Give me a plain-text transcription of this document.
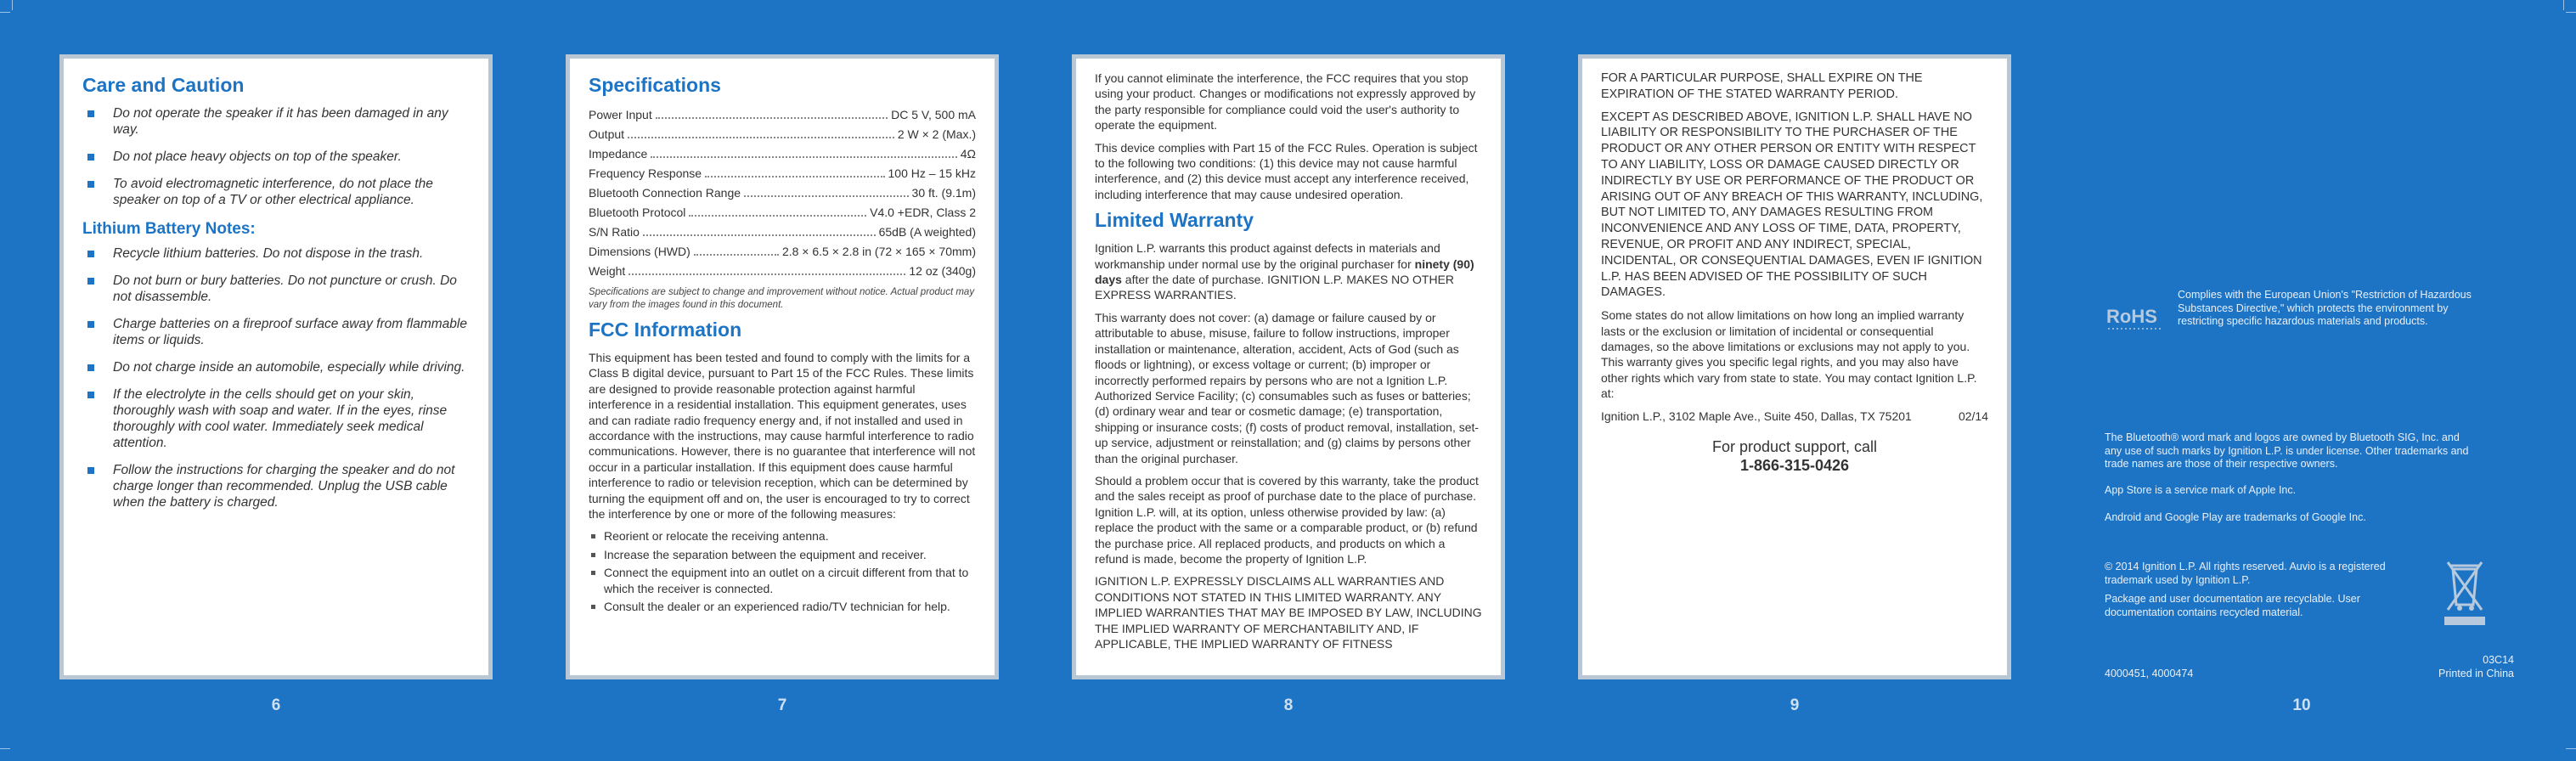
Care and Caution
Do not operate the speaker if it has been damaged in any way.
Do not place heavy objects on top of the speaker.
To avoid electromagnetic interference, do not place the speaker on top of a TV or other electrical appliance.
Lithium Battery Notes:
Recycle lithium batteries. Do not dispose in the trash.
Do not burn or bury batteries. Do not puncture or crush. Do not disassemble.
Charge batteries on a fireproof surface away from flammable items or liquids.
Do not charge inside an automobile, especially while driving.
If the electrolyte in the cells should get on your skin, thoroughly wash with soap and water. If in the eyes, rinse thoroughly with cool water. Immediately seek medical attention.
Follow the instructions for charging the speaker and do not charge longer than recommended. Unplug the USB cable when the battery is charged.
Specifications
Power Input	DC 5 V, 500 mA
Output	2 W × 2 (Max.)
Impedance	4Ω
Frequency Response	100 Hz – 15 kHz
Bluetooth Connection Range	30 ft. (9.1m)
Bluetooth Protocol	V4.0 +EDR, Class 2
S/N Ratio	65dB (A weighted)
Dimensions (HWD)	2.8 × 6.5 × 2.8 in (72 × 165 × 70mm)
Weight	12 oz (340g)

Specifications are subject to change and improvement without notice. Actual product may vary from the images found in this document.

FCC Information

This equipment has been tested and found to comply with the limits for a Class B digital device, pursuant to Part 15 of the FCC Rules. These limits are designed to provide reasonable protection against harmful interference in a residential installation. This equipment generates, uses and can radiate radio frequency energy and, if not installed and used in accordance with the instructions, may cause harmful interference to radio communications. However, there is no guarantee that interference will not occur in a particular installation. If this equipment does cause harmful interference to radio or television reception, which can be determined by turning the equipment off and on, the user is encouraged to try to correct the interference by one or more of the following measures:

Reorient or relocate the receiving antenna.
Increase the separation between the equipment and receiver.
Connect the equipment into an outlet on a circuit different from that to which the receiver is connected.
Consult the dealer or an experienced radio/TV technician for help.

If you cannot eliminate the interference, the FCC requires that you stop using your product. Changes or modifications not expressly approved by the party responsible for compliance could void the user's authority to operate the equipment.

This device complies with Part 15 of the FCC Rules. Operation is subject to the following two conditions: (1) this device may not cause harmful interference, and (2) this device must accept any interference received, including interference that may cause undesired operation.

Limited Warranty

Ignition L.P. warrants this product against defects in materials and workmanship under normal use by the original purchaser for ninety (90) days after the date of purchase. IGNITION L.P. MAKES NO OTHER EXPRESS WARRANTIES.

This warranty does not cover: (a) damage or failure caused by or attributable to abuse, misuse, failure to follow instructions, improper installation or maintenance, alteration, accident, Acts of God (such as floods or lightning), or excess voltage or current; (b) improper or incorrectly performed repairs by persons who are not a Ignition L.P. Authorized Service Facility; (c) consumables such as fuses or batteries; (d) ordinary wear and tear or cosmetic damage; (e) transportation, shipping or insurance costs; (f) costs of product removal, installation, set-up service, adjustment or reinstallation; and (g) claims by persons other than the original purchaser.

Should a problem occur that is covered by this warranty, take the product and the sales receipt as proof of purchase date to the place of purchase. Ignition L.P. will, at its option, unless otherwise provided by law: (a) replace the product with the same or a comparable product, or (b) refund the purchase price. All replaced products, and products on which a refund is made, become the property of Ignition L.P.

IGNITION L.P. EXPRESSLY DISCLAIMS ALL WARRANTIES AND CONDITIONS NOT STATED IN THIS LIMITED WARRANTY. ANY IMPLIED WARRANTIES THAT MAY BE IMPOSED BY LAW, INCLUDING THE IMPLIED WARRANTY OF MERCHANTABILITY AND, IF APPLICABLE, THE IMPLIED WARRANTY OF FITNESS

FOR A PARTICULAR PURPOSE, SHALL EXPIRE ON THE EXPIRATION OF THE STATED WARRANTY PERIOD.

EXCEPT AS DESCRIBED ABOVE, IGNITION L.P. SHALL HAVE NO LIABILITY OR RESPONSIBILITY TO THE PURCHASER OF THE PRODUCT OR ANY OTHER PERSON OR ENTITY WITH RESPECT TO ANY LIABILITY, LOSS OR DAMAGE CAUSED DIRECTLY OR INDIRECTLY BY USE OR PERFORMANCE OF THE PRODUCT OR ARISING OUT OF ANY BREACH OF THIS WARRANTY, INCLUDING, BUT NOT LIMITED TO, ANY DAMAGES RESULTING FROM INCONVENIENCE AND ANY LOSS OF TIME, DATA, PROPERTY, REVENUE, OR PROFIT AND ANY INDIRECT, SPECIAL, INCIDENTAL, OR CONSEQUENTIAL DAMAGES, EVEN IF IGNITION L.P. HAS BEEN ADVISED OF THE POSSIBILITY OF SUCH DAMAGES.

Some states do not allow limitations on how long an implied warranty lasts or the exclusion or limitation of incidental or consequential damages, so the above limitations or exclusions may not apply to you. This warranty gives you specific legal rights, and you may also have other rights which vary from state to state. You may contact Ignition L.P. at:

Ignition L.P., 3102 Maple Ave., Suite 450, Dallas, TX 75201	02/14
For product support, call
1-866-315-0426
RoHS
Complies with the European Union's "Restriction of Hazardous Substances Directive," which protects the environment by restricting specific hazardous materials and products.
The Bluetooth® word mark and logos are owned by Bluetooth SIG, Inc. and any use of such marks by Ignition L.P. is under license. Other trademarks and trade names are those of their respective owners.
App Store is a service mark of Apple Inc.
Android and Google Play are trademarks of Google Inc.
© 2014 Ignition L.P. All rights reserved. Auvio is a registered trademark used by Ignition L.P.
Package and user documentation are recyclable. User documentation contains recycled material.
4000451, 4000474
03C14
Printed in China
6	7	8	9	10
